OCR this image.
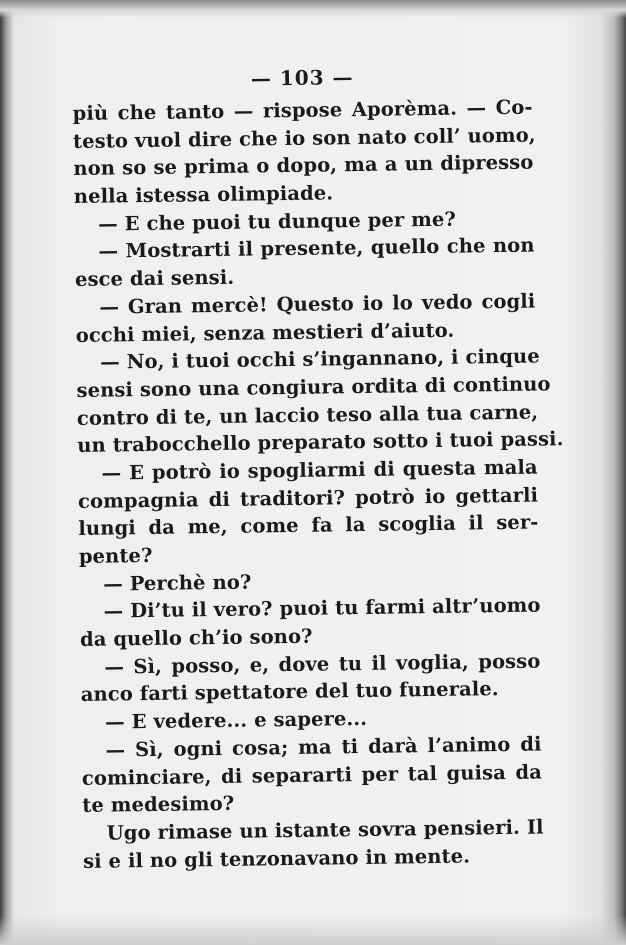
— 103 —
più che tanto — rispose Aporèma. — Co-
testo vuol dire che io son nato coll’ uomo,
non so se prima o dopo, ma a un dipresso
nella istessa olimpiade.
— E che puoi tu dunque per me?
— Mostrarti il presente, quello che non
esce dai sensi.
— Gran mercè! Questo io lo vedo cogli
occhi miei, senza mestieri d’aiuto.
— No, i tuoi occhi s’ingannano, i cinque
sensi sono una congiura ordita di continuo
contro di te, un laccio teso alla tua carne,
un trabocchello preparato sotto i tuoi passi.
— E potrò io spogliarmi di questa mala
compagnia di traditori? potrò io gettarli
lungi da me, come fa la scoglia il ser-
pente?
— Perchè no?
— Di’tu il vero? puoi tu farmi altr’uomo
da quello ch’io sono?
— Sì, posso, e, dove tu il voglia, posso
anco farti spettatore del tuo funerale.
— E vedere... e sapere...
— Sì, ogni cosa; ma ti darà l’animo di
cominciare, di separarti per tal guisa da
te medesimo?
Ugo rimase un istante sovra pensieri. Il
si e il no gli tenzonavano in mente.
